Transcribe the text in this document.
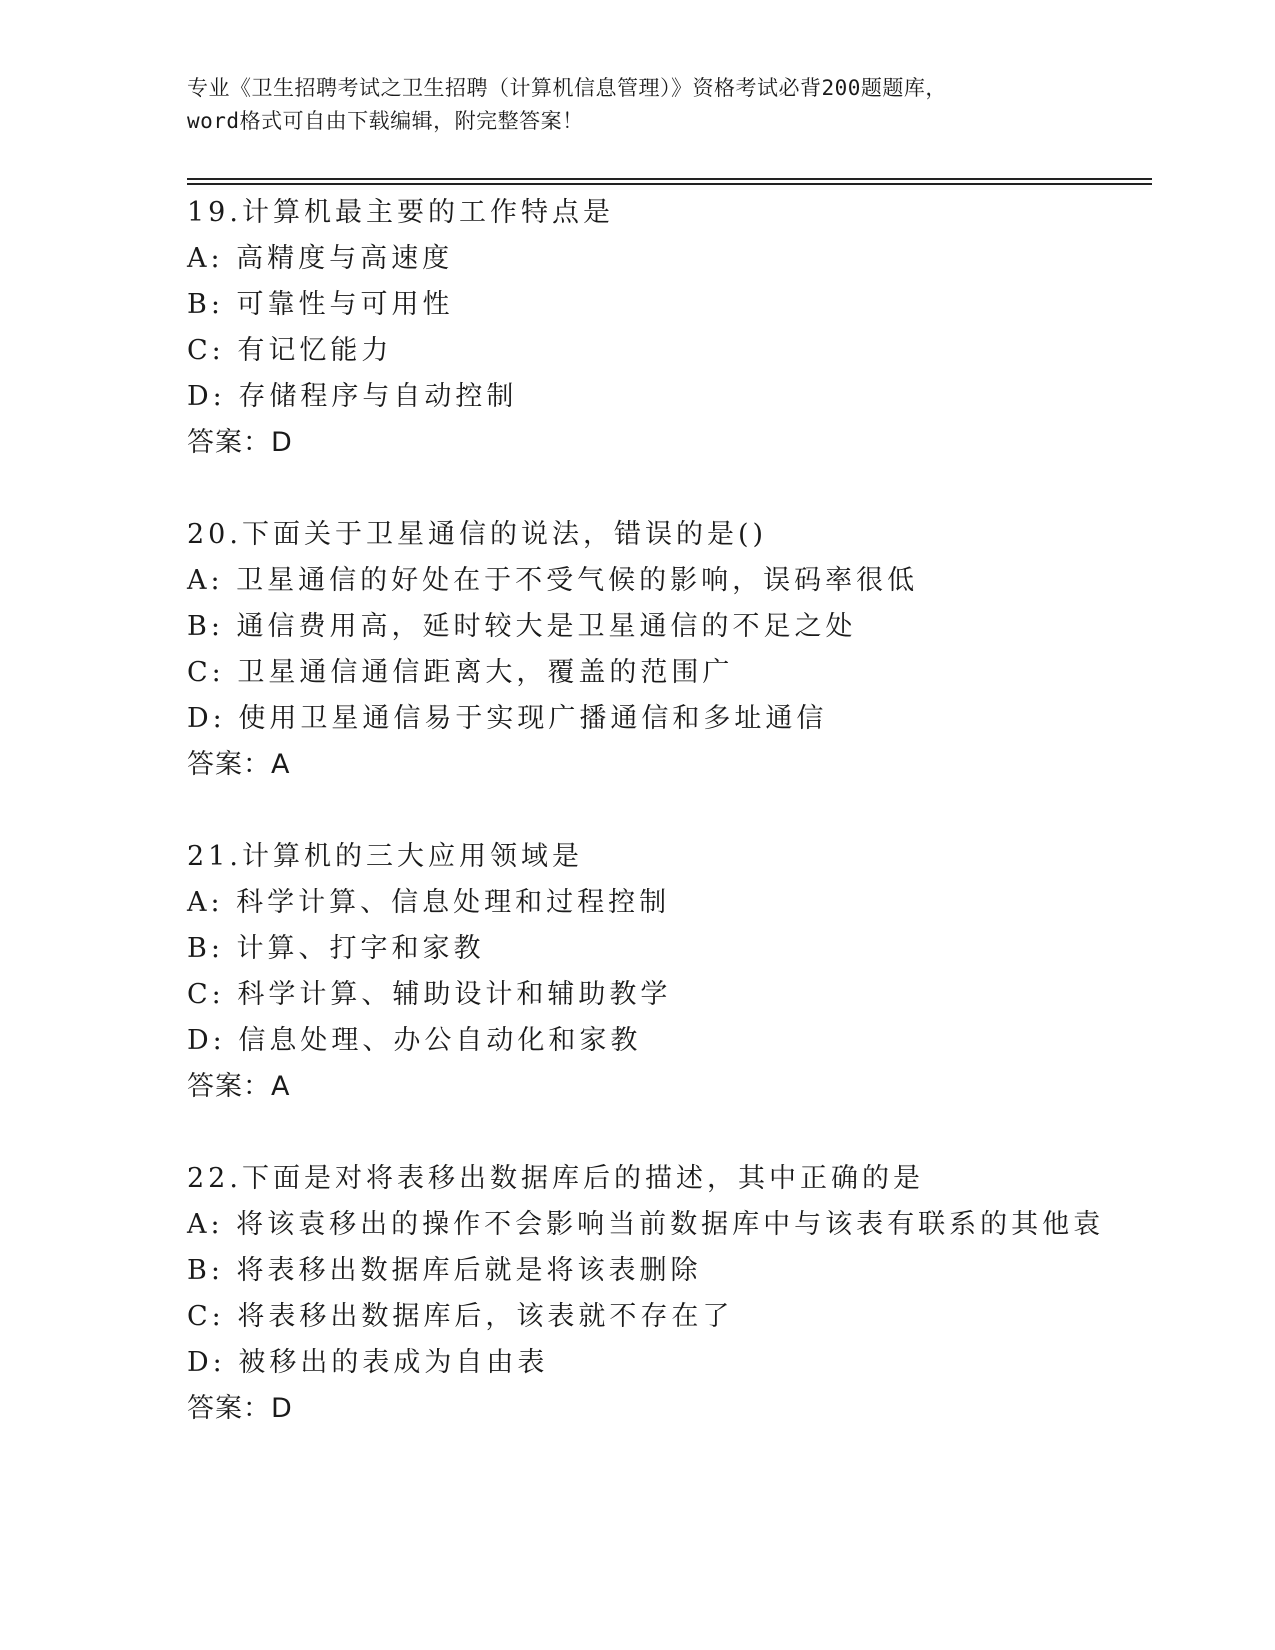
专业《卫生招聘考试之卫生招聘（计算机信息管理）》资格考试必背200题题库，
word格式可自由下载编辑，附完整答案！
19.计算机最主要的工作特点是
A: 高精度与高速度
B: 可靠性与可用性
C: 有记忆能力
D: 存储程序与自动控制
答案：D
20.下面关于卫星通信的说法，错误的是()
A: 卫星通信的好处在于不受气候的影响，误码率很低
B: 通信费用高，延时较大是卫星通信的不足之处
C: 卫星通信通信距离大，覆盖的范围广
D: 使用卫星通信易于实现广播通信和多址通信
答案：A
21.计算机的三大应用领域是
A: 科学计算、信息处理和过程控制
B: 计算、打字和家教
C: 科学计算、辅助设计和辅助教学
D: 信息处理、办公自动化和家教
答案：A
22.下面是对将表移出数据库后的描述，其中正确的是
A: 将该袁移出的操作不会影响当前数据库中与该表有联系的其他袁
B: 将表移出数据库后就是将该表删除
C: 将表移出数据库后，该表就不存在了
D: 被移出的表成为自由表
答案：D
